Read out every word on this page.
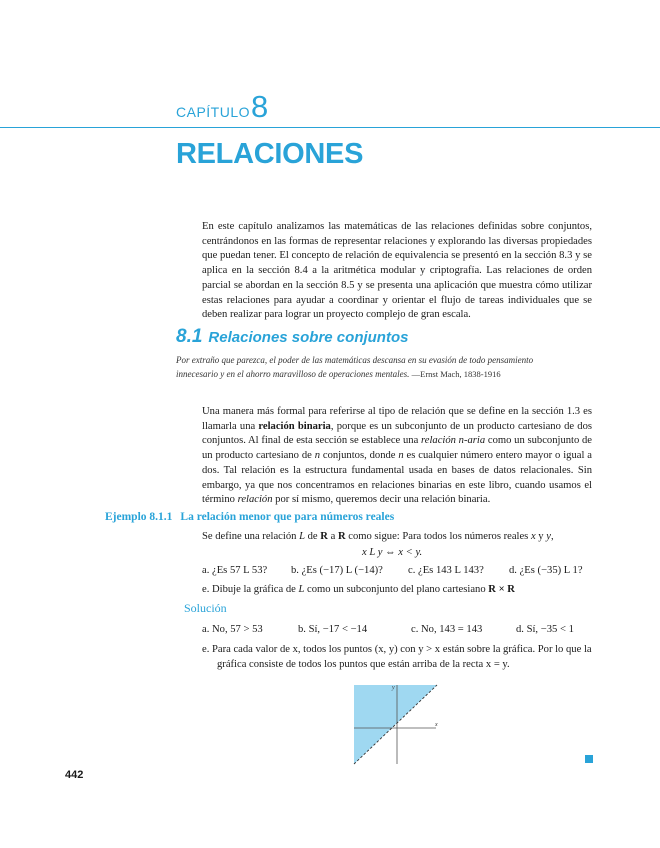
CAPÍTULO8
RELACIONES
En este capítulo analizamos las matemáticas de las relaciones definidas sobre conjuntos, centrándonos en las formas de representar relaciones y explorando las diversas propiedades que puedan tener. El concepto de relación de equivalencia se presentó en la sección 8.3 y se aplica en la sección 8.4 a la aritmética modular y criptografía. Las relaciones de orden parcial se abordan en la sección 8.5 y se presenta una aplicación que muestra cómo utilizar estas relaciones para ayudar a coordinar y orientar el flujo de tareas individuales que se deben realizar para lograr un proyecto complejo de gran escala.
8.1 Relaciones sobre conjuntos
Por extraño que parezca, el poder de las matemáticas descansa en su evasión de todo pensamiento innecesario y en el ahorro maravilloso de operaciones mentales. —Ernst Mach, 1838-1916
Una manera más formal para referirse al tipo de relación que se define en la sección 1.3 es llamarla una relación binaria, porque es un subconjunto de un producto cartesiano de dos conjuntos. Al final de esta sección se establece una relación n-aria como un subconjunto de un producto cartesiano de n conjuntos, donde n es cualquier número entero mayor o igual a dos. Tal relación es la estructura fundamental usada en bases de datos relacionales. Sin embargo, ya que nos concentramos en relaciones binarias en este libro, cuando usamos el término relación por sí mismo, queremos decir una relación binaria.
Ejemplo 8.1.1 La relación menor que para números reales
Se define una relación L de R a R como sigue: Para todos los números reales x y y,
x L y ⇔ x < y.
a. ¿Es 57 L 53? b. ¿Es (−17) L (−14)? c. ¿Es 143 L 143? d. ¿Es (−35) L 1?
e. Dibuje la gráfica de L como un subconjunto del plano cartesiano R × R
Solución
a. No, 57 > 53	b. Sí, −17 < −14	c. No, 143 = 143	d. Sí, −35 < 1
e. Para cada valor de x, todos los puntos (x, y) con y > x están sobre la gráfica. Por lo que la gráfica consiste de todos los puntos que están arriba de la recta x = y.
x
y
442
